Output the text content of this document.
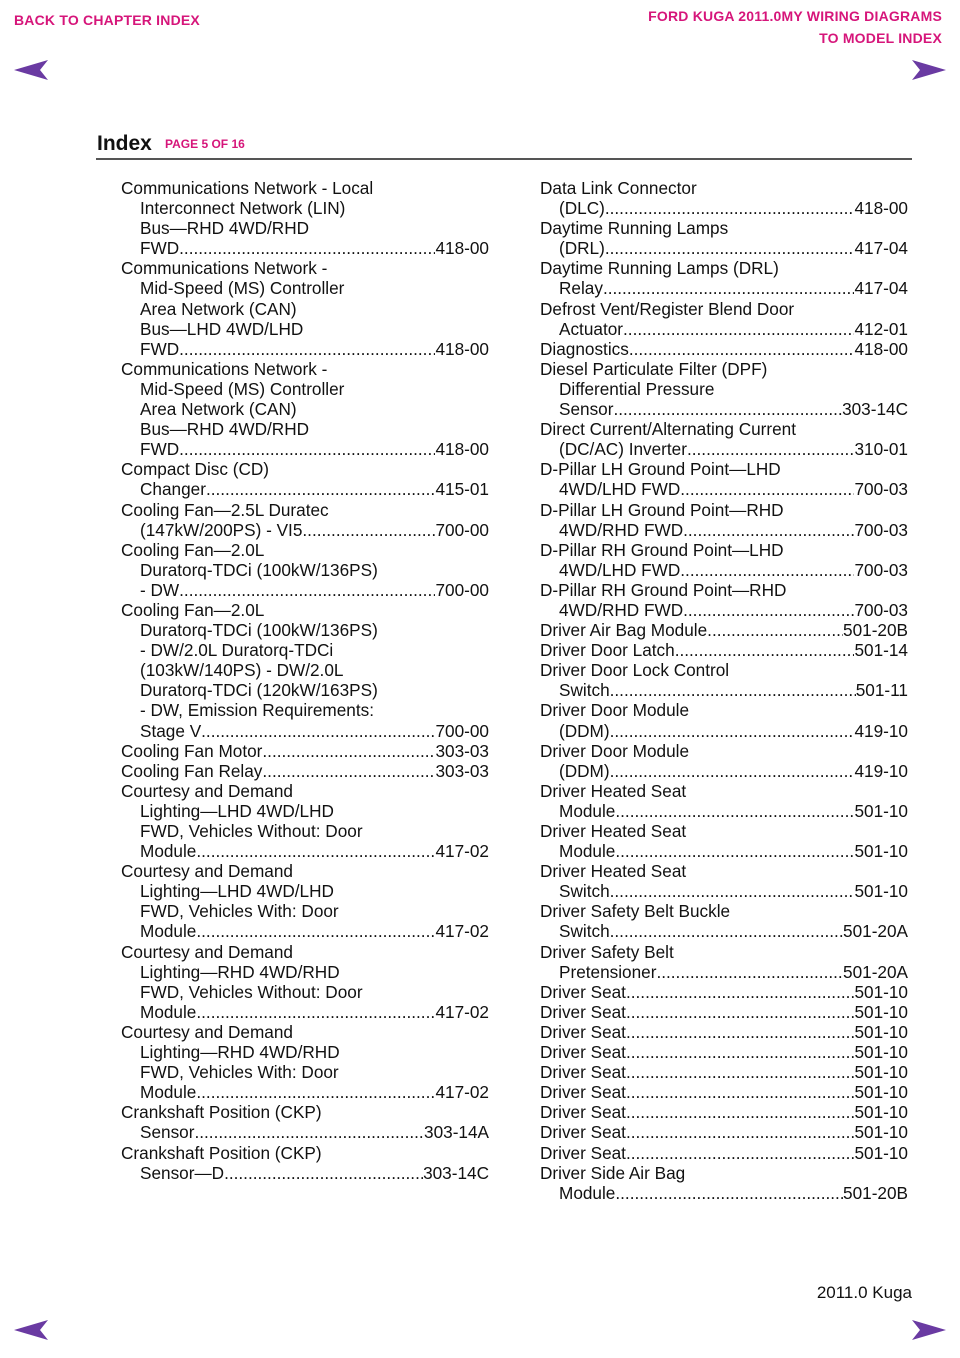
BACK TO CHAPTER INDEX	FORD KUGA 2011.0MY WIRING DIAGRAMS
TO MODEL INDEX
Index PAGE 5 OF 16
Communications Network - Local
Interconnect Network (LIN)
Bus—RHD 4WD/RHD
FWD .....	418-00
Communications Network -
Mid-Speed (MS) Controller
Area Network (CAN)
Bus—LHD 4WD/LHD
FWD .....	418-00
Communications Network -
Mid-Speed (MS) Controller
Area Network (CAN)
Bus—RHD 4WD/RHD
FWD .....	418-00
Compact Disc (CD)
Changer .....	415-01
Cooling Fan—2.5L Duratec
(147kW/200PS) - VI5 .....	700-00
Cooling Fan—2.0L
Duratorq-TDCi (100kW/136PS)
- DW .....	700-00
Cooling Fan—2.0L
Duratorq-TDCi (100kW/136PS)
- DW/2.0L Duratorq-TDCi
(103kW/140PS) - DW/2.0L
Duratorq-TDCi (120kW/163PS)
- DW, Emission Requirements:
Stage V .....	700-00
Cooling Fan Motor .....	303-03
Cooling Fan Relay .....	303-03
Courtesy and Demand
Lighting—LHD 4WD/LHD
FWD, Vehicles Without: Door
Module .....	417-02
Courtesy and Demand
Lighting—LHD 4WD/LHD
FWD, Vehicles With: Door
Module .....	417-02
Courtesy and Demand
Lighting—RHD 4WD/RHD
FWD, Vehicles Without: Door
Module .....	417-02
Courtesy and Demand
Lighting—RHD 4WD/RHD
FWD, Vehicles With: Door
Module .....	417-02
Crankshaft Position (CKP)
Sensor .....	303-14A
Crankshaft Position (CKP)
Sensor—D .....	303-14C
Data Link Connector
(DLC) .....	418-00
Daytime Running Lamps
(DRL) .....	417-04
Daytime Running Lamps (DRL)
Relay .....	417-04
Defrost Vent/Register Blend Door
Actuator .....	412-01
Diagnostics .....	418-00
Diesel Particulate Filter (DPF)
Differential Pressure
Sensor .....	303-14C
Direct Current/Alternating Current
(DC/AC) Inverter .....	310-01
D-Pillar LH Ground Point—LHD
4WD/LHD FWD .....	700-03
D-Pillar LH Ground Point—RHD
4WD/RHD FWD .....	700-03
D-Pillar RH Ground Point—LHD
4WD/LHD FWD .....	700-03
D-Pillar RH Ground Point—RHD
4WD/RHD FWD .....	700-03
Driver Air Bag Module .....	501-20B
Driver Door Latch .....	501-14
Driver Door Lock Control
Switch .....	501-11
Driver Door Module
(DDM) .....	419-10
Driver Door Module
(DDM) .....	419-10
Driver Heated Seat
Module .....	501-10
Driver Heated Seat
Module .....	501-10
Driver Heated Seat
Switch .....	501-10
Driver Safety Belt Buckle
Switch .....	501-20A
Driver Safety Belt
Pretensioner .....	501-20A
Driver Seat .....	501-10
Driver Seat .....	501-10
Driver Seat .....	501-10
Driver Seat .....	501-10
Driver Seat .....	501-10
Driver Seat .....	501-10
Driver Seat .....	501-10
Driver Seat .....	501-10
Driver Seat .....	501-10
Driver Side Air Bag
Module .....	501-20B
2011.0 Kuga
